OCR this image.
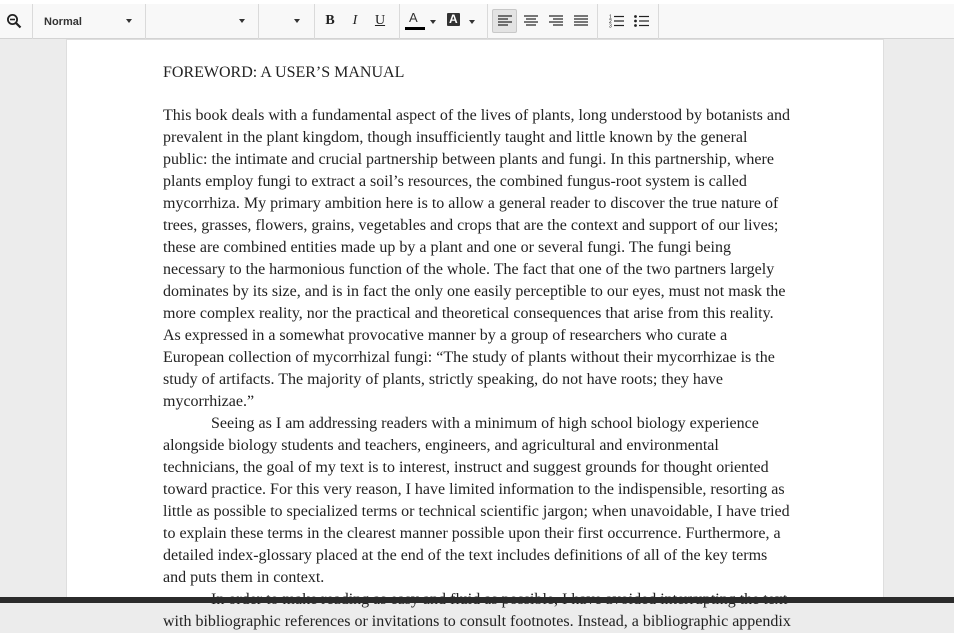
Normal	B I U A	A	1
2
3

FOREWORD: A USER’S MANUAL

This book deals with a fundamental aspect of the lives of plants, long understood by botanists and prevalent in the plant kingdom, though insufficiently taught and little known by the general public: the intimate and crucial partnership between plants and fungi. In this partnership, where plants employ fungi to extract a soil’s resources, the combined fungus-root system is called mycorrhiza. My primary ambition here is to allow a general reader to discover the true nature of trees, grasses, flowers, grains, vegetables and crops that are the context and support of our lives; these are combined entities made up by a plant and one or several fungi. The fungi being necessary to the harmonious function of the whole. The fact that one of the two partners largely dominates by its size, and is in fact the only one easily perceptible to our eyes, must not mask the more complex reality, nor the practical and theoretical consequences that arise from this reality. As expressed in a somewhat provocative manner by a group of researchers who curate a European collection of mycorrhizal fungi: “The study of plants without their mycorrhizae is the study of artifacts. The majority of plants, strictly speaking, do not have roots; they have mycorrhizae.”

Seeing as I am addressing readers with a minimum of high school biology experience alongside biology students and teachers, engineers, and agricultural and environmental technicians, the goal of my text is to interest, instruct and suggest grounds for thought oriented toward practice. For this very reason, I have limited information to the indispensible, resorting as little as possible to specialized terms or technical scientific jargon; when unavoidable, I have tried to explain these terms in the clearest manner possible upon their first occurrence. Furthermore, a detailed index-glossary placed at the end of the text includes definitions of all of the key terms and puts them in context.

with bibliographic references or invitations to consult footnotes. Instead, a bibliographic appendix
